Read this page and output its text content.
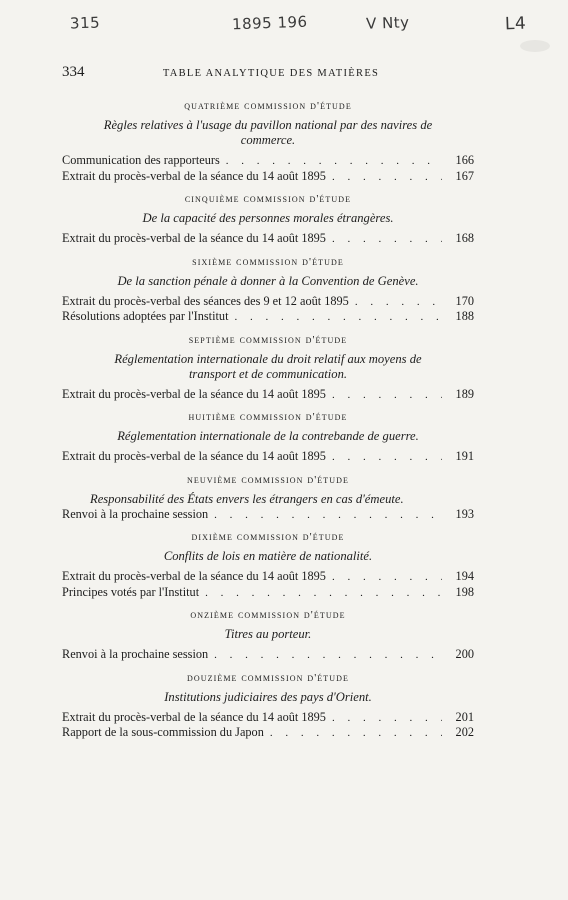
315	1895 196	V Nty	L4
334	TABLE ANALYTIQUE DES MATIÈRES
quatrième commission d'étude
Règles relatives à l'usage du pavillon national par des navires de commerce.
Communication des rapporteurs . . .	166
Extrait du procès-verbal de la séance du 14 août 1895 . . .	167
cinquième commission d'étude
De la capacité des personnes morales étrangères.
Extrait du procès-verbal de la séance du 14 août 1895 . . .	168
sixième commission d'étude
De la sanction pénale à donner à la Convention de Genève.
Extrait du procès-verbal des séances des 9 et 12 août 1895 . . .	170
Résolutions adoptées par l'Institut . . .	188
septième commission d'étude
Réglementation internationale du droit relatif aux moyens de transport et de communication.
Extrait du procès-verbal de la séance du 14 août 1895 . . .	189
huitième commission d'étude
Réglementation internationale de la contrebande de guerre.
Extrait du procès-verbal de la séance du 14 août 1895 . . .	191
neuvième commission d'étude
Responsabilité des États envers les étrangers en cas d'émeute.
Renvoi à la prochaine session . . .	193
dixième commission d'étude
Conflits de lois en matière de nationalité.
Extrait du procès-verbal de la séance du 14 août 1895 . . .	194
Principes votés par l'Institut . . .	198
onzième commission d'étude
Titres au porteur.
Renvoi à la prochaine session . . .	200
douzième commission d'étude
Institutions judiciaires des pays d'Orient.
Extrait du procès-verbal de la séance du 14 août 1895 . . .	201
Rapport de la sous-commission du Japon . . .	202
